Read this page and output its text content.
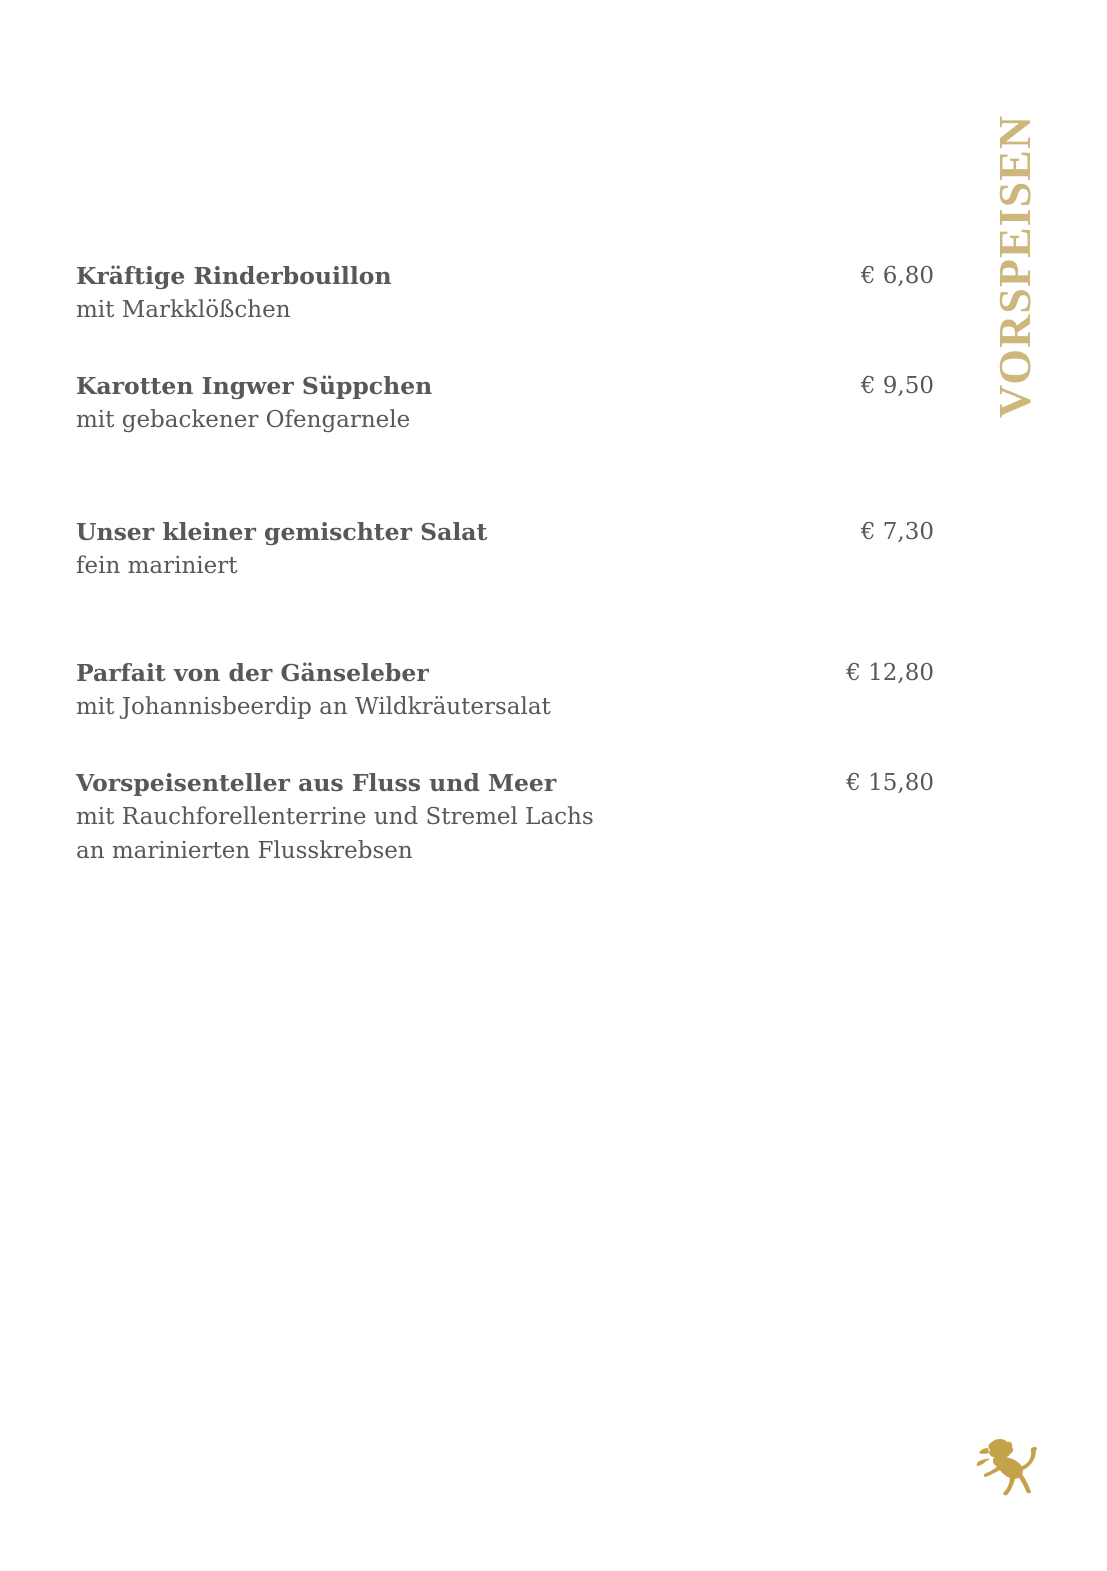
VORSPEISEN
Kräftige Rinderbouillon
mit Markklößchen
€ 6,80
Karotten Ingwer Süppchen
mit gebackener Ofengarnele
€ 9,50
Unser kleiner gemischter Salat
fein mariniert
€ 7,30
Parfait von der Gänseleber
mit Johannisbeerdip an Wildkräutersalat
€ 12,80
Vorspeisenteller aus Fluss und Meer
mit Rauchforellenterrine und Stremel Lachs
an marinierten Flusskrebsen
€ 15,80
